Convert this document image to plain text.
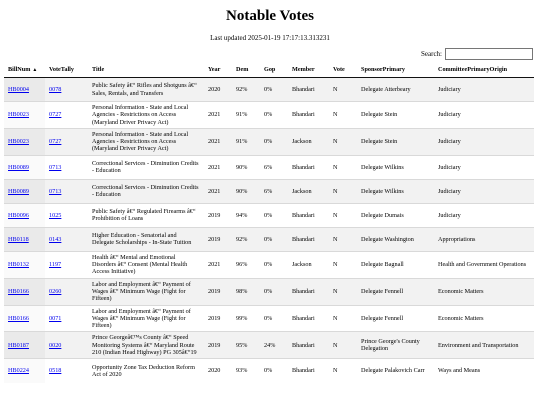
Notable Votes
Last updated 2025-01-19 17:17:13.313231
Search:
BillNum ▲	VoteTally	Title	Year	Dem	Gop	Member	Vote	SponsorPrimary	CommitteePrimaryOrigin
HB0004	0078	Public Safety â€“ Rifles and Shotguns â€“ Sales, Rentals, and Transfers	2020	92%	0%	Bhandari	N	Delegate Atterbeary	Judiciary
HB0023	0727	Personal Information - State and Local Agencies - Restrictions on Access (Maryland Driver Privacy Act)	2021	91%	0%	Bhandari	N	Delegate Stein	Judiciary
HB0023	0727	Personal Information - State and Local Agencies - Restrictions on Access (Maryland Driver Privacy Act)	2021	91%	0%	Jackson	N	Delegate Stein	Judiciary
HB0089	0713	Correctional Services - Diminution Credits - Education	2021	90%	6%	Bhandari	N	Delegate Wilkins	Judiciary
HB0089	0713	Correctional Services - Diminution Credits - Education	2021	90%	6%	Jackson	N	Delegate Wilkins	Judiciary
HB0096	1025	Public Safety â€“ Regulated Firearms â€“ Prohibition of Loans	2019	94%	0%	Bhandari	N	Delegate Dumais	Judiciary
HB0118	0143	Higher Education - Senatorial and Delegate Scholarships - In-State Tuition	2019	92%	0%	Bhandari	N	Delegate Washington	Appropriations
HB0132	1197	Health â€“ Mental and Emotional Disorders â€“ Consent (Mental Health Access Initiative)	2021	96%	0%	Jackson	N	Delegate Bagnall	Health and Government Operations
HB0166	0260	Labor and Employment â€“ Payment of Wages â€“ Minimum Wage (Fight for Fifteen)	2019	98%	0%	Bhandari	N	Delegate Fennell	Economic Matters
HB0166	0071	Labor and Employment â€“ Payment of Wages â€“ Minimum Wage (Fight for Fifteen)	2019	99%	0%	Bhandari	N	Delegate Fennell	Economic Matters
HB0187	0020	Prince Georgeâ€™s County â€“ Speed Monitoring Systems â€“ Maryland Route 210 (Indian Head Highway) PG 305â€“19	2019	95%	24%	Bhandari	N	Prince George's County Delegation	Environment and Transportation
HB0224	0518	Opportunity Zone Tax Deduction Reform Act of 2020	2020	93%	0%	Bhandari	N	Delegate Palakovich Carr	Ways and Means
